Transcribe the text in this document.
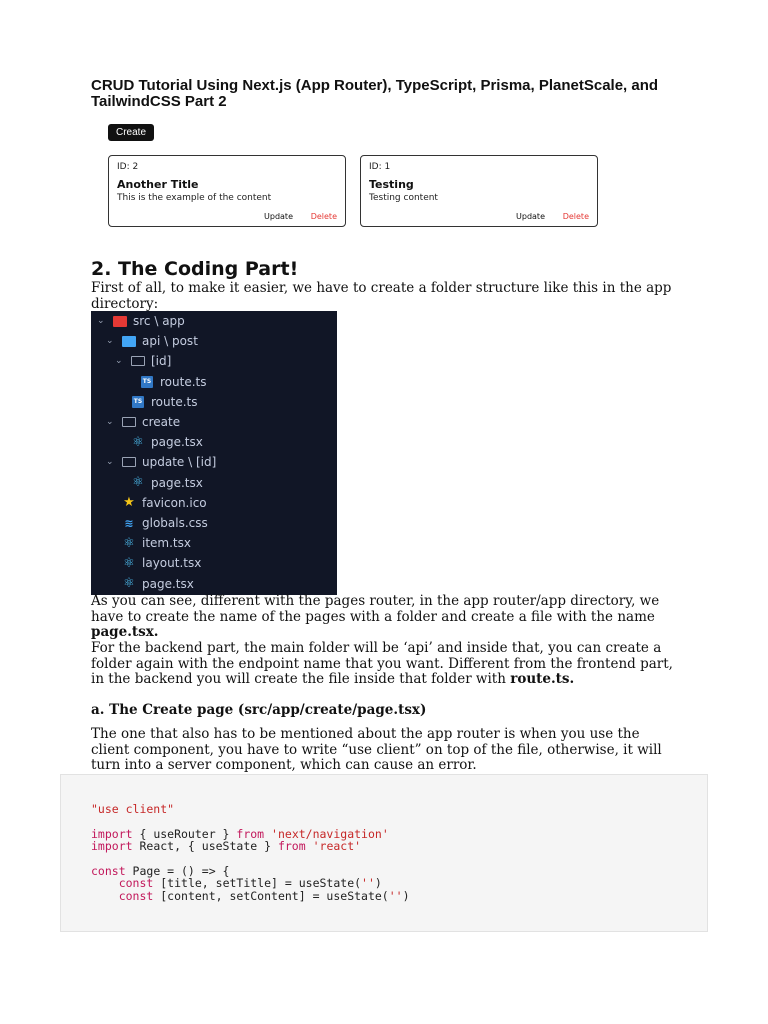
CRUD Tutorial Using Next.js (App Router), TypeScript, Prisma, PlanetScale, and TailwindCSS Part 2
Create
ID: 2
Another Title
This is the example of the content
Update Delete
ID: 1
Testing
Testing content
Update Delete
2. The Coding Part!

First of all, to make it easier, we have to create a folder structure like this in the app directory:

⌄ src \ app
⌄ api \ post
⌄ [id]
TS route.ts
TS route.ts
⌄ create
⚛ page.tsx
⌄ update \ [id]
⚛ page.tsx
★ favicon.ico
≋ globals.css
⚛ item.tsx
⚛ layout.tsx
⚛ page.tsx

As you can see, different with the pages router, in the app router/app directory, we have to create the name of the pages with a folder and create a file with the name page.tsx.

For the backend part, the main folder will be ‘api’ and inside that, you can create a folder again with the endpoint name that you want. Different from the frontend part, in the backend you will create the file inside that folder with route.ts.

a. The Create page (src/app/create/page.tsx)

The one that also has to be mentioned about the app router is when you use the client component, you have to write “use client” on top of the file, otherwise, it will turn into a server component, which can cause an error.

"use client"

import { useRouter } from 'next/navigation'
import React, { useState } from 'react'

const Page = () => {
const [title, setTitle] = useState('')
const [content, setContent] = useState('')
